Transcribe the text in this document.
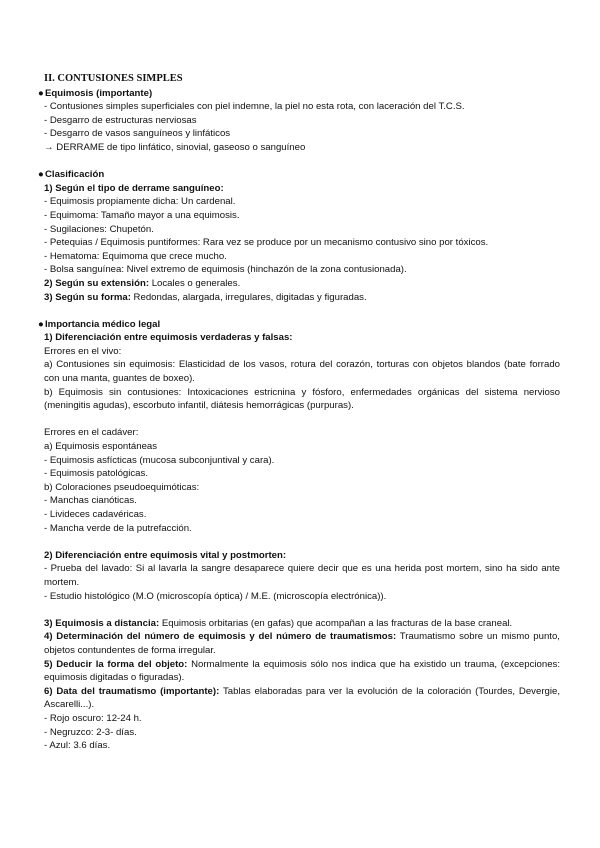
II. CONTUSIONES SIMPLES
●Equimosis (importante)
- Contusiones simples superficiales con piel indemne, la piel no esta rota, con laceración del T.C.S.
- Desgarro de estructuras nerviosas
- Desgarro de vasos sanguíneos y linfáticos
→ DERRAME de tipo linfático, sinovial, gaseoso o sanguíneo
●Clasificación
1) Según el tipo de derrame sanguíneo:
- Equimosis propiamente dicha: Un cardenal.
- Equimoma: Tamaño mayor a una equimosis.
- Sugilaciones: Chupetón.
- Petequias / Equimosis puntiformes: Rara vez se produce por un mecanismo contusivo sino por tóxicos.
- Hematoma: Equimoma que crece mucho.
- Bolsa sanguínea: Nivel extremo de equimosis (hinchazón de la zona contusionada).
2) Según su extensión: Locales o generales.
3) Según su forma: Redondas, alargada, irregulares, digitadas y figuradas.
●Importancia médico legal
1) Diferenciación entre equimosis verdaderas y falsas:
Errores en el vivo:

a) Contusiones sin equimosis: Elasticidad de los vasos, rotura del corazón, torturas con objetos blandos (bate forrado con una manta, guantes de boxeo).

b) Equimosis sin contusiones: Intoxicaciones estricnina y fósforo, enfermedades orgánicas del sistema nervioso (meningitis agudas), escorbuto infantil, diátesis hemorrágicas (purpuras).

Errores en el cadáver:
a) Equimosis espontáneas
- Equimosis asfícticas (mucosa subconjuntival y cara).
- Equimosis patológicas.
b) Coloraciones pseudoequimóticas:
- Manchas cianóticas.
- Livideces cadavéricas.
- Mancha verde de la putrefacción.
2) Diferenciación entre equimosis vital y postmorten:

- Prueba del lavado: Si al lavarla la sangre desaparece quiere decir que es una herida post mortem, sino ha sido ante mortem.

- Estudio histológico (M.O (microscopía óptica) / M.E. (microscopía electrónica)).

3) Equimosis a distancia: Equimosis orbitarias (en gafas) que acompañan a las fracturas de la base craneal.

4) Determinación del número de equimosis y del número de traumatismos: Traumatismo sobre un mismo punto, objetos contundentes de forma irregular.

5) Deducir la forma del objeto: Normalmente la equimosis sólo nos indica que ha existido un trauma, (excepciones: equimosis digitadas o figuradas).

6) Data del traumatismo (importante): Tablas elaboradas para ver la evolución de la coloración (Tourdes, Devergie, Ascarelli...).

- Rojo oscuro: 12-24 h.
- Negruzco: 2-3- días.
- Azul: 3.6 días.
